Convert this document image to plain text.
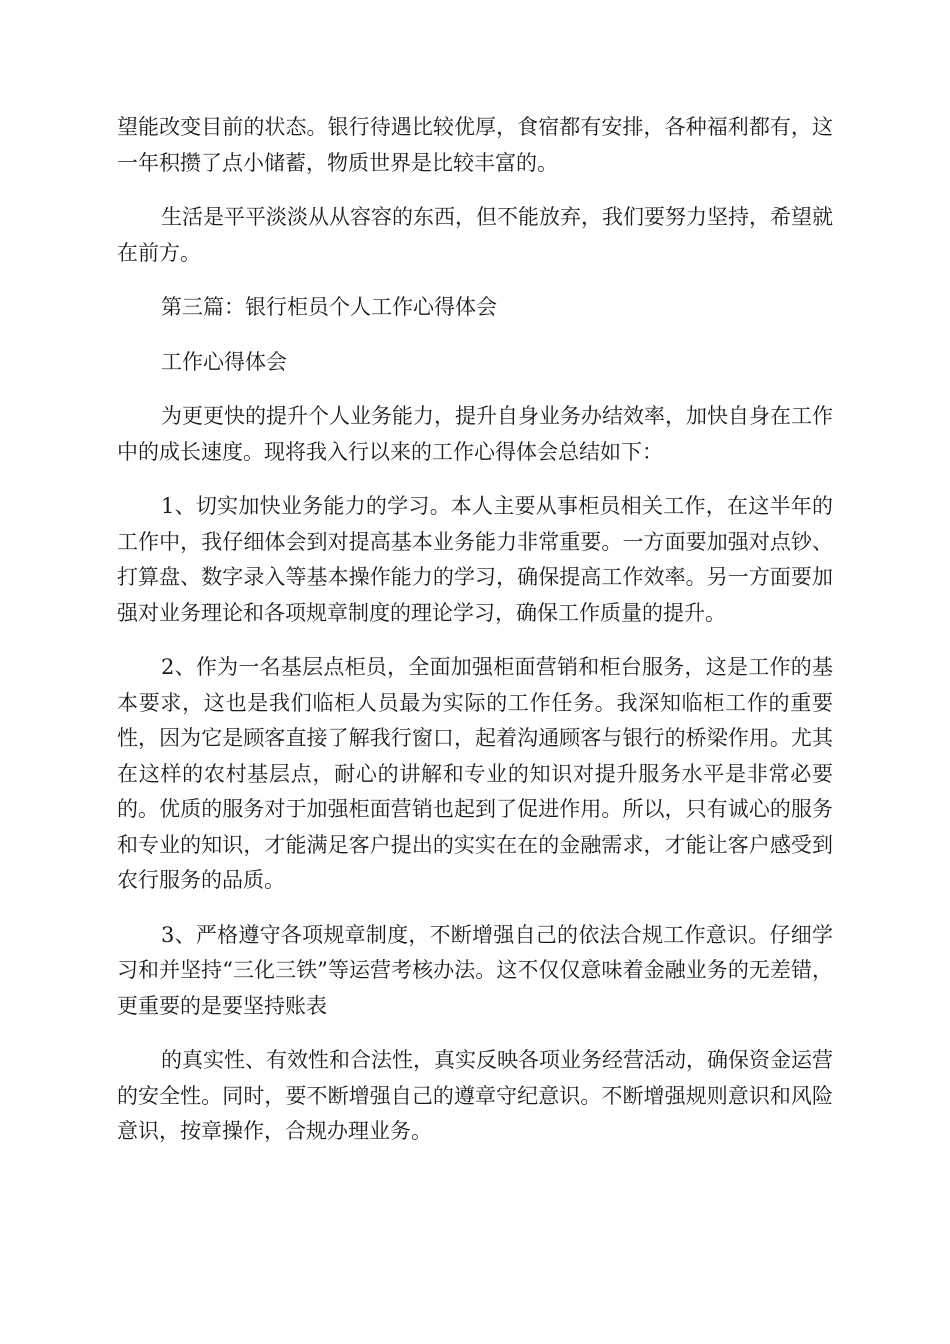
望能改变目前的状态。银行待遇比较优厚，食宿都有安排，各种福利都有，这一年积攒了点小储蓄，物质世界是比较丰富的。

生活是平平淡淡从从容容的东西，但不能放弃，我们要努力坚持，希望就在前方。

第三篇：银行柜员个人工作心得体会

工作心得体会

为更更快的提升个人业务能力，提升自身业务办结效率，加快自身在工作中的成长速度。现将我入行以来的工作心得体会总结如下：

1、切实加快业务能力的学习。本人主要从事柜员相关工作，在这半年的工作中，我仔细体会到对提高基本业务能力非常重要。一方面要加强对点钞、打算盘、数字录入等基本操作能力的学习，确保提高工作效率。另一方面要加强对业务理论和各项规章制度的理论学习，确保工作质量的提升。

2、作为一名基层点柜员，全面加强柜面营销和柜台服务，这是工作的基本要求，这也是我们临柜人员最为实际的工作任务。我深知临柜工作的重要性，因为它是顾客直接了解我行窗口，起着沟通顾客与银行的桥梁作用。尤其在这样的农村基层点，耐心的讲解和专业的知识对提升服务水平是非常必要的。优质的服务对于加强柜面营销也起到了促进作用。所以，只有诚心的服务和专业的知识，才能满足客户提出的实实在在的金融需求，才能让客户感受到农行服务的品质。

3、严格遵守各项规章制度，不断增强自己的依法合规工作意识。仔细学习和并坚持“三化三铁”等运营考核办法。这不仅仅意味着金融业务的无差错，更重要的是要坚持账表

的真实性、有效性和合法性，真实反映各项业务经营活动，确保资金运营的安全性。同时，要不断增强自己的遵章守纪意识。不断增强规则意识和风险意识，按章操作，合规办理业务。
